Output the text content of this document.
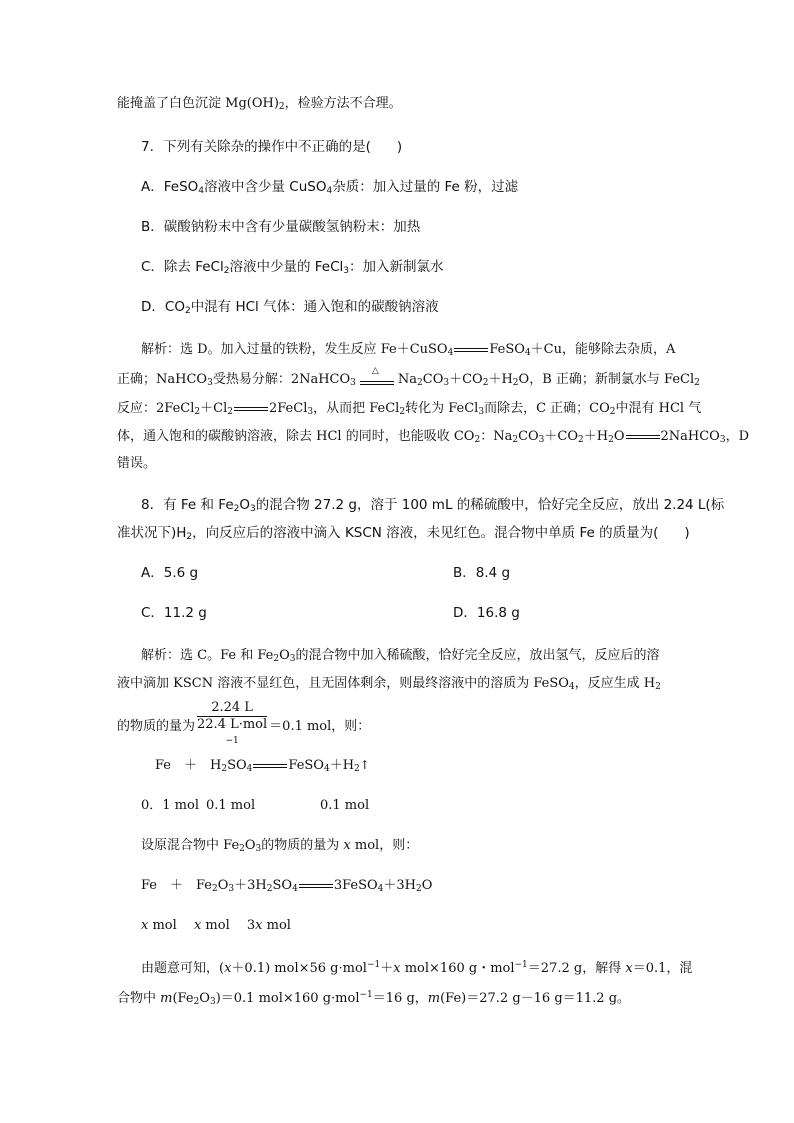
能掩盖了白色沉淀 $Mg(OH)_2$，检验方法不合理。
7．下列有关除杂的操作中不正确的是( )
A．FeSO$_4$溶液中含少量 CuSO$_4$杂质：加入过量的 Fe 粉，过滤
B．碳酸钠粉末中含有少量碳酸氢钠粉末：加热
C．除去 FeCl$_2$溶液中少量的 FeCl$_3$：加入新制氯水
D．$CO_2$中混有 HCl 气体：通入饱和的碳酸钠溶液
解析：选 D。加入过量的铁粉，发生反应 Fe＋CuSO$_4$	FeSO$_4$＋Cu，能够除去杂质，A
正确；NaHCO$_3$受热易分解：2NaHCO$_3$
△
$Na_2CO_3+CO_2+H_2O$，B 正确；新制氯水与 FeCl$_2$
反应：$2FeCl_2+Cl_2$	2FeCl$_3$，从而把 FeCl$_2$转化为 FeCl$_3$而除去，C 正确；$CO_2$中混有 HCl 气
体，通入饱和的碳酸钠溶液，除去 HCl 的同时，也能吸收 $CO_2$：$Na_2CO_3+CO_2+H_2O$	2NaHCO$_3$，D
错误。
8．有 Fe 和 $Fe_2O_3$的混合物 27.2 g，溶于 100 mL 的稀硫酸中，恰好完全反应，放出 2.24 L(标
准状况下)$H_2$，向反应后的溶液中滴入 KSCN 溶液，未见红色。混合物中单质 Fe 的质量为( )
A．5.6 g	B．8.4 g
C．11.2 g	D．16.8 g
解析：选 C。Fe 和 $Fe_2O_3$的混合物中加入稀硫酸，恰好完全反应，放出氢气，反应后的溶
液中滴加 KSCN 溶液不显红色，且无固体剩余，则最终溶液中的溶质为 FeSO$_4$，反应生成 $H_2$
的物质的量为 2.24 L
22.4 L·mol
$^{-1}$ ＝0.1 mol，则：
Fe　＋　$H_2SO_4$	$FeSO_4+H_2↑$
0．1 mol 0.1 mol	0.1 mol
设原混合物中 $Fe_2O_3$的物质的量为 x mol，则：
Fe　＋　$Fe_2O_3+3H_2SO_4$	$3FeSO_4+3H_2O$
x mol　 x mol　 3x mol
由题意可知，(x＋0.1) mol×56 g·mol$^{-1}$＋x mol×160 g・mol$^{-1}$＝27.2 g，解得 x＝0.1，混
合物中 $m(Fe_2O_3)=0.1$ mol×160 g·mol$^{-1}$＝16 g，m(Fe)＝27.2 g－16 g＝11.2 g。
